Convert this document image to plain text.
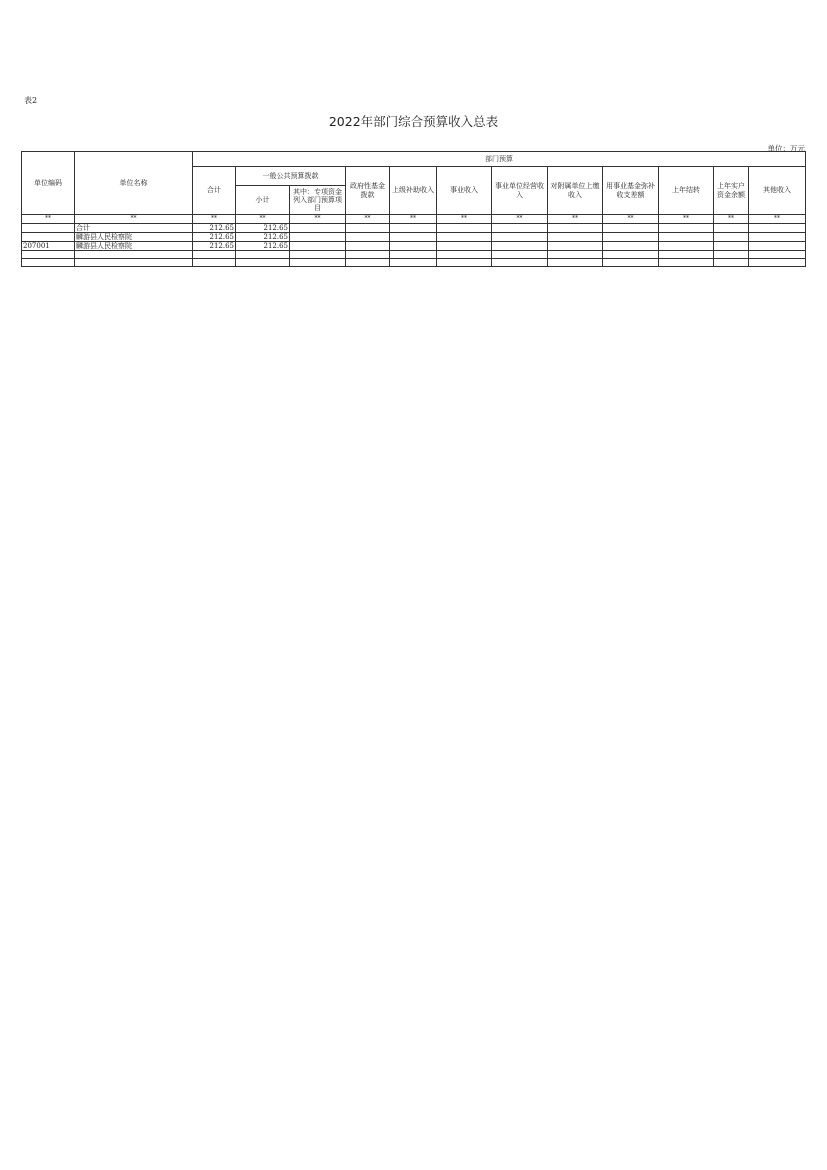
表2
2022年部门综合预算收入总表
单位：万元
单位编码	单位名称	部门预算											
		合计	一般公共预算拨款		政府性基金拨款	上级补助收入	事业收入	事业单位经营收入	对附属单位上缴收入	用事业基金弥补收支差额	上年结转	上年实户资金余额	其他收入
			小计	其中：专项资金列入部门预算项目									
**	**	**	**	**	**	**	**	**	**	**	**	**	**
	合计	212.65	212.65										
	麟游县人民检察院	212.65	212.65										
207001	麟游县人民检察院	212.65	212.65										
